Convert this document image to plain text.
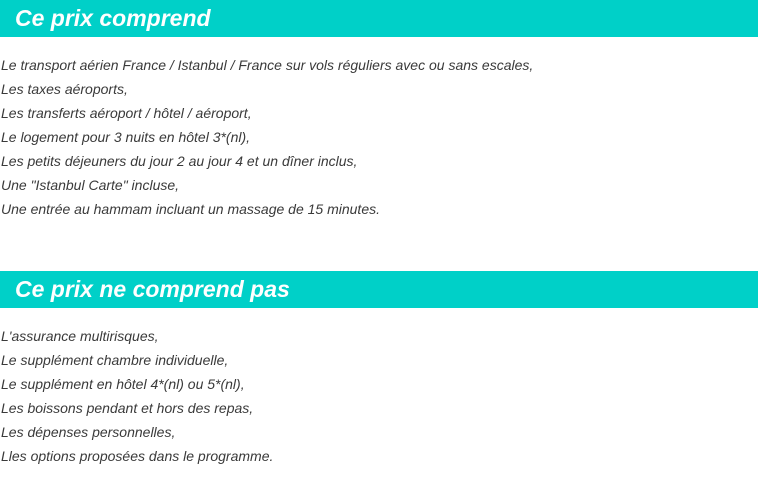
Ce prix comprend
Le transport aérien France / Istanbul / France sur vols réguliers avec ou sans escales,
Les taxes aéroports,
Les transferts aéroport / hôtel / aéroport,
Le logement pour 3 nuits en hôtel 3*(nl),
Les petits déjeuners du jour 2 au jour 4 et un dîner inclus,
Une "Istanbul Carte" incluse,
Une entrée au hammam incluant un massage de 15 minutes.
Ce prix ne comprend pas
L'assurance multirisques,
Le supplément chambre individuelle,
Le supplément en hôtel 4*(nl) ou 5*(nl),
Les boissons pendant et hors des repas,
Les dépenses personnelles,
Lles options proposées dans le programme.
